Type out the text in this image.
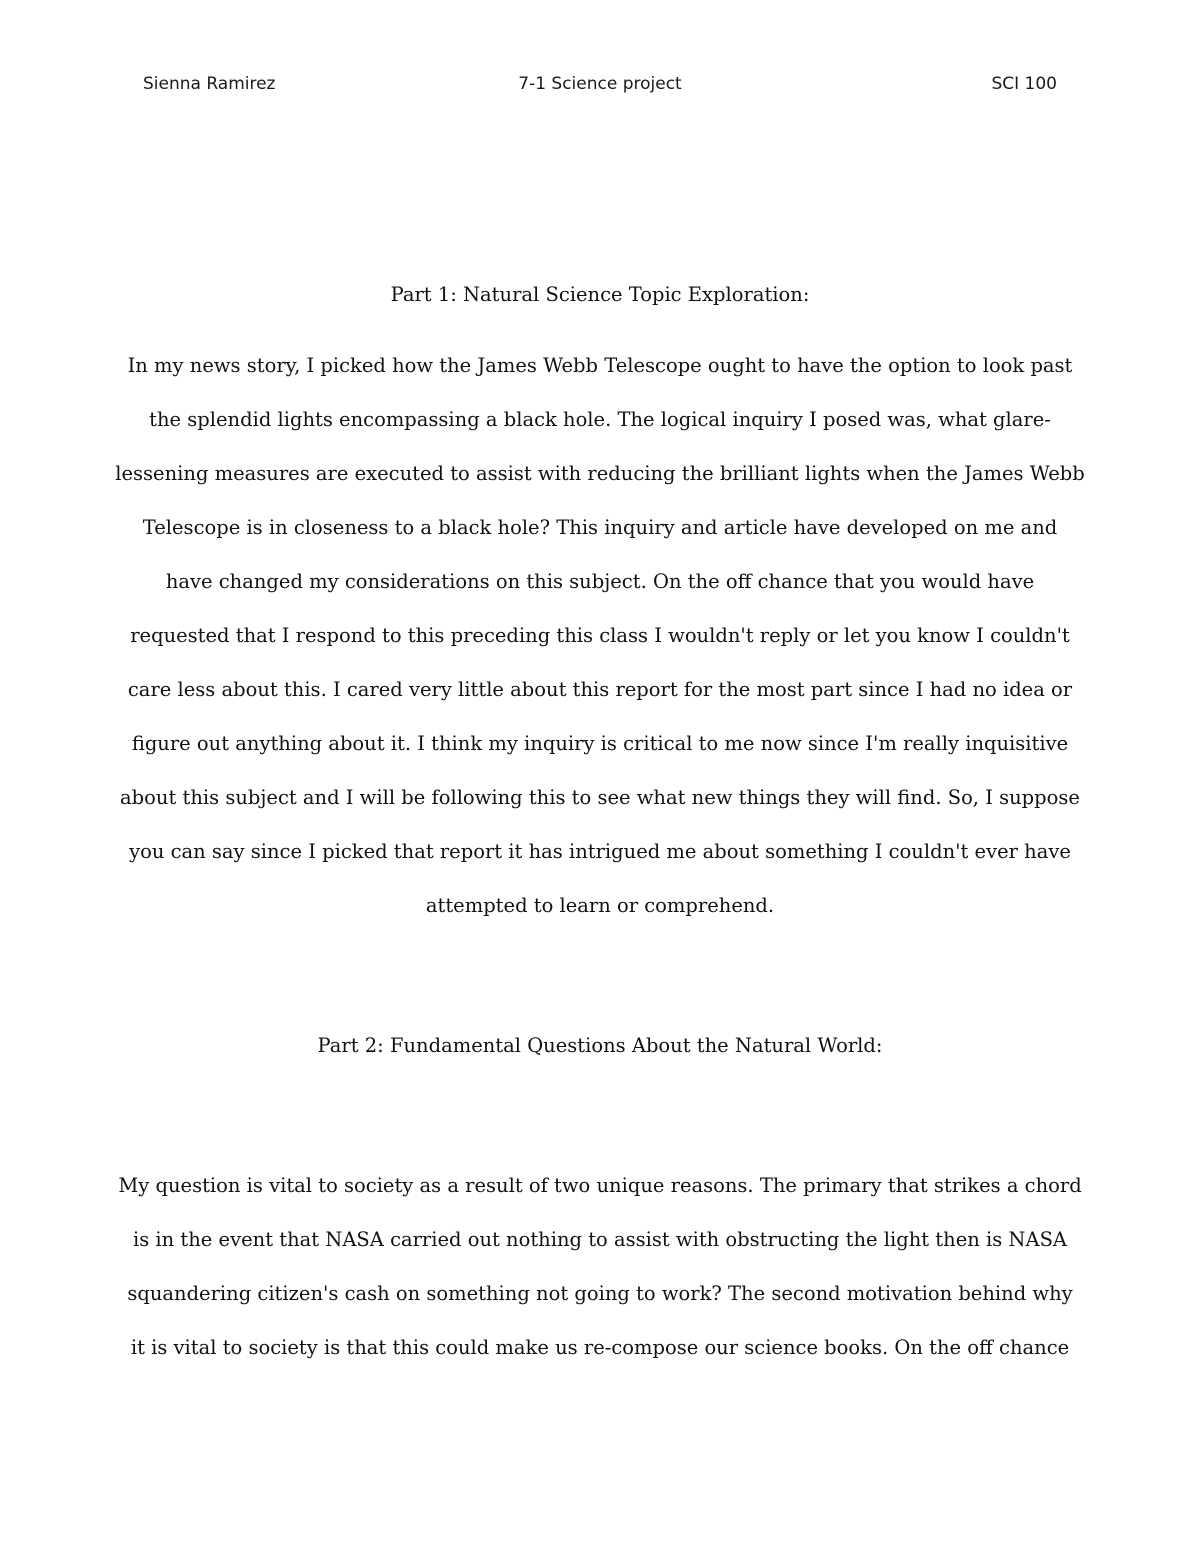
Sienna Ramirez	7-1 Science project	SCI 100
Part 1: Natural Science Topic Exploration:
In my news story, I picked how the James Webb Telescope ought to have the option to look past
the splendid lights encompassing a black hole. The logical inquiry I posed was, what glare-
lessening measures are executed to assist with reducing the brilliant lights when the James Webb
Telescope is in closeness to a black hole? This inquiry and article have developed on me and
have changed my considerations on this subject. On the off chance that you would have
requested that I respond to this preceding this class I wouldn't reply or let you know I couldn't
care less about this. I cared very little about this report for the most part since I had no idea or
figure out anything about it. I think my inquiry is critical to me now since I'm really inquisitive
about this subject and I will be following this to see what new things they will find. So, I suppose
you can say since I picked that report it has intrigued me about something I couldn't ever have
attempted to learn or comprehend.
Part 2: Fundamental Questions About the Natural World:
My question is vital to society as a result of two unique reasons. The primary that strikes a chord
is in the event that NASA carried out nothing to assist with obstructing the light then is NASA
squandering citizen's cash on something not going to work? The second motivation behind why
it is vital to society is that this could make us re-compose our science books. On the off chance
